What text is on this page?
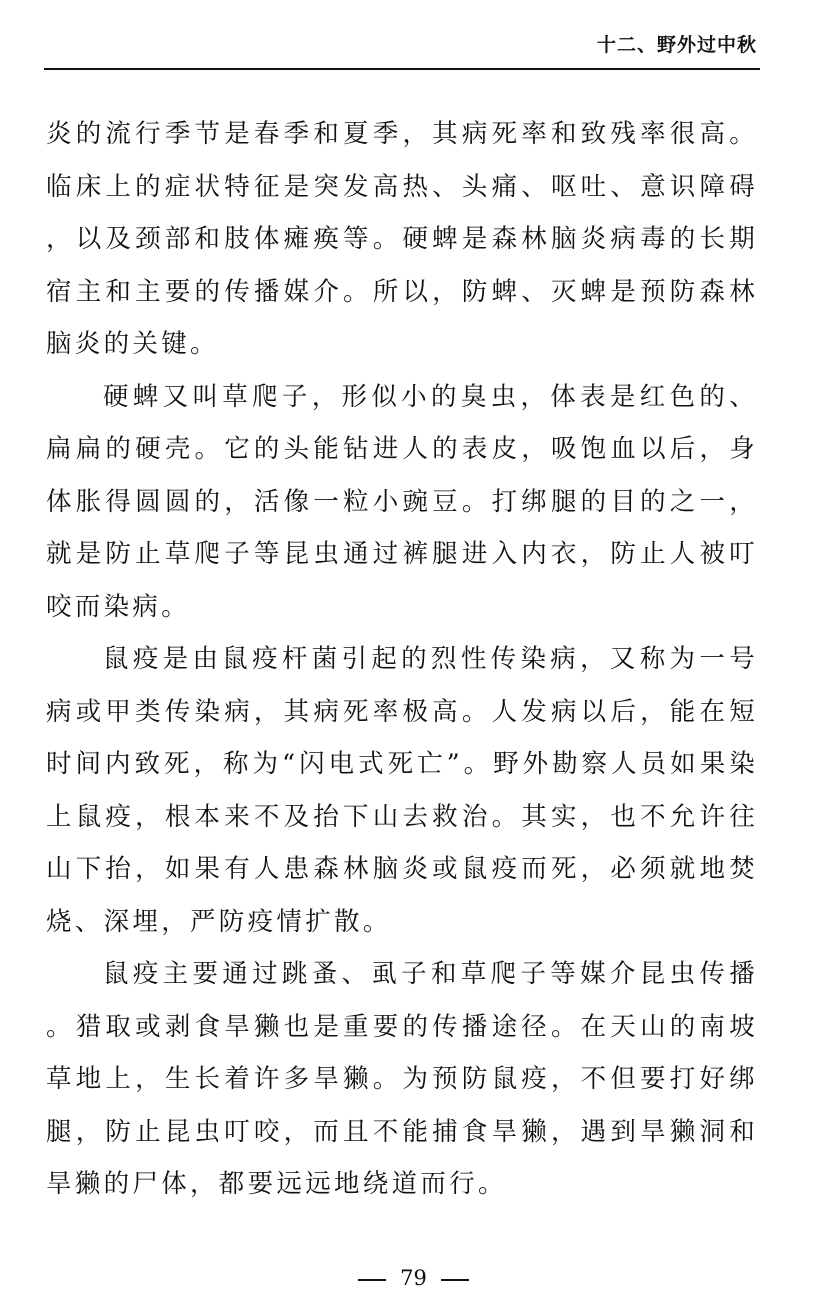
十二、野外过中秋

炎的流行季节是春季和夏季，其病死率和致残率很高。临床上的症状特征是突发高热、头痛、呕吐、意识障碍，以及颈部和肢体瘫痪等。硬蜱是森林脑炎病毒的长期宿主和主要的传播媒介。所以，防蜱、灭蜱是预防森林脑炎的关键。

硬蜱又叫草爬子，形似小的臭虫，体表是红色的、扁扁的硬壳。它的头能钻进人的表皮，吸饱血以后，身体胀得圆圆的，活像一粒小豌豆。打绑腿的目的之一，就是防止草爬子等昆虫通过裤腿进入内衣，防止人被叮咬而染病。

鼠疫是由鼠疫杆菌引起的烈性传染病，又称为一号病或甲类传染病，其病死率极高。人发病以后，能在短时间内致死，称为“闪电式死亡”。野外勘察人员如果染上鼠疫，根本来不及抬下山去救治。其实，也不允许往山下抬，如果有人患森林脑炎或鼠疫而死，必须就地焚烧、深埋，严防疫情扩散。

鼠疫主要通过跳蚤、虱子和草爬子等媒介昆虫传播。猎取或剥食旱獭也是重要的传播途径。在天山的南坡草地上，生长着许多旱獭。为预防鼠疫，不但要打好绑腿，防止昆虫叮咬，而且不能捕食旱獭，遇到旱獭洞和旱獭的尸体，都要远远地绕道而行。

79
